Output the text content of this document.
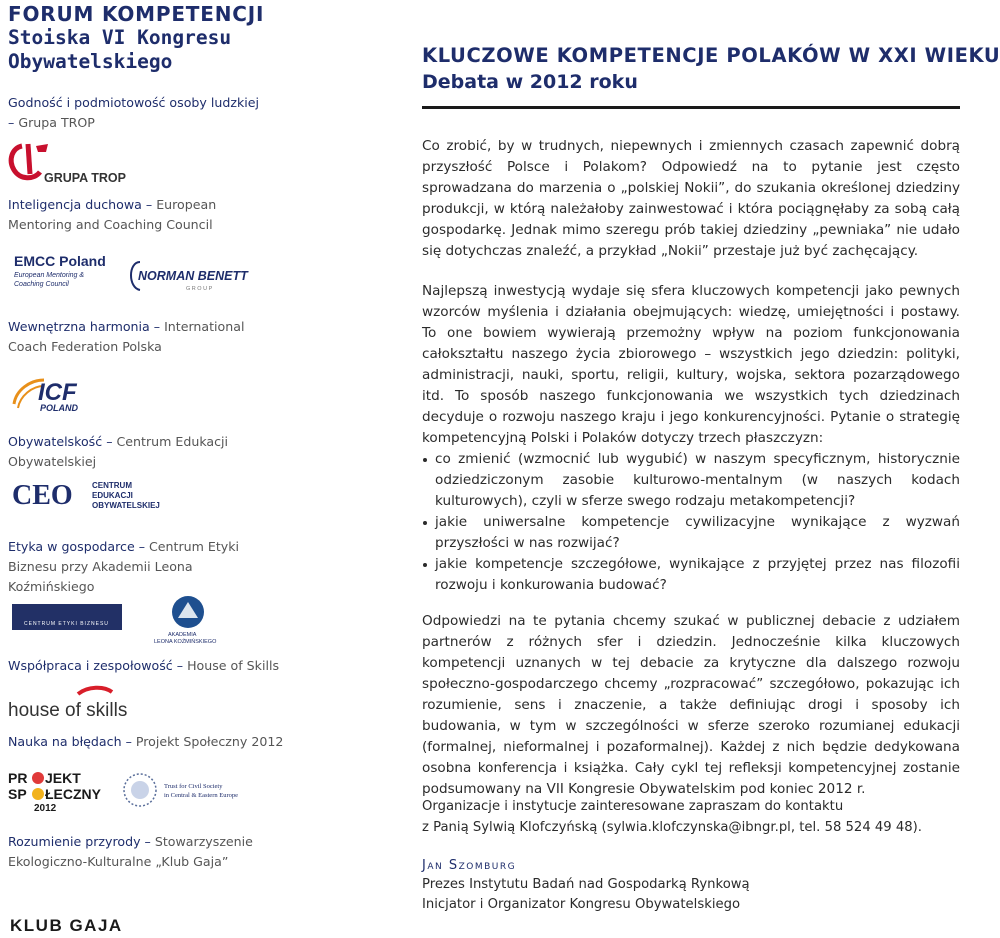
FORUM KOMPETENCJI
Stoiska VI Kongresu
Obywatelskiego
Godność i podmiotowość osoby ludzkiej
– Grupa TROP
GRUPA TROP
Inteligencja duchowa – European Mentoring and Coaching Council
EMCC Poland
European Mentoring &
Coaching Council
NORMAN BENETT
G R O U P
Wewnętrzna harmonia – International Coach Federation Polska
ICF
POLAND
Obywatelskość – Centrum Edukacji Obywatelskiej
CEO CENTRUM
EDUKACJI
OBYWATELSKIEJ
Etyka w gospodarce – Centrum Etyki Biznesu przy Akademii Leona Koźmińskiego
CENTRUM ETYKI BIZNESU
AKADEMIA
LEONA KOŹMIŃSKIEGO
Współpraca i zespołowość – House of Skills
house of skills
Nauka na błędach – Projekt Społeczny 2012
PR JEKT
SP ŁECZNY
2012
Trust for Civil Society
in Central & Eastern Europe
Rozumienie przyrody – Stowarzyszenie Ekologiczno-Kulturalne „Klub Gaja”
KLUB GAJA
KLUCZOWE KOMPETENCJE POLAKÓW W XXI WIEKU
Debata w 2012 roku

Co zrobić, by w trudnych, niepewnych i zmiennych czasach zapewnić dobrą przyszłość Polsce i Polakom? Odpowiedź na to pytanie jest często sprowadzana do marzenia o „polskiej Nokii”, do szukania określonej dziedziny produkcji, w którą należałoby zainwestować i która pociągnęłaby za sobą całą gospodarkę. Jednak mimo szeregu prób takiej dziedziny „pewniaka” nie udało się dotychczas znaleźć, a przykład „Nokii” przestaje już być zachęcający.

Najlepszą inwestycją wydaje się sfera kluczowych kompetencji jako pewnych wzorców myślenia i działania obejmujących: wiedzę, umiejętności i postawy. To one bowiem wywierają przemożny wpływ na poziom funkcjonowania całokształtu naszego życia zbiorowego – wszystkich jego dziedzin: polityki, administracji, nauki, sportu, religii, kultury, wojska, sektora pozarządowego itd. To sposób naszego funkcjonowania we wszystkich tych dziedzinach decyduje o rozwoju naszego kraju i jego konkurencyjności. Pytanie o strategię kompetencyjną Polski i Polaków dotyczy trzech płaszczyzn:

co zmienić (wzmocnić lub wygubić) w naszym specyficznym, historycznie odziedziczonym zasobie kulturowo-mentalnym (w naszych kodach kulturowych), czyli w sferze swego rodzaju metakompetencji?
jakie uniwersalne kompetencje cywilizacyjne wynikające z wyzwań przyszłości w nas rozwijać?
jakie kompetencje szczegółowe, wynikające z przyjętej przez nas filozofii rozwoju i konkurowania budować?

Odpowiedzi na te pytania chcemy szukać w publicznej debacie z udziałem partnerów z różnych sfer i dziedzin. Jednocześnie kilka kluczowych kompetencji uznanych w tej debacie za krytyczne dla dalszego rozwoju społeczno-gospodarczego chcemy „rozpracować” szczegółowo, pokazując ich rozumienie, sens i znaczenie, a także definiując drogi i sposoby ich budowania, w tym w szczególności w sferze szeroko rozumianej edukacji (formalnej, nieformalnej i pozaformalnej). Każdej z nich będzie dedykowana osobna konferencja i książka. Cały cykl tej refleksji kompetencyjnej zostanie podsumowany na VII Kongresie Obywatelskim pod koniec 2012 r.

Organizacje i instytucje zainteresowane zapraszam do kontaktu
z Panią Sylwią Klofczyńską (sylwia.klofczynska@ibngr.pl, tel. 58 524 49 48).
Jan Szomburg
Prezes Instytutu Badań nad Gospodarką Rynkową
Inicjator i Organizator Kongresu Obywatelskiego
